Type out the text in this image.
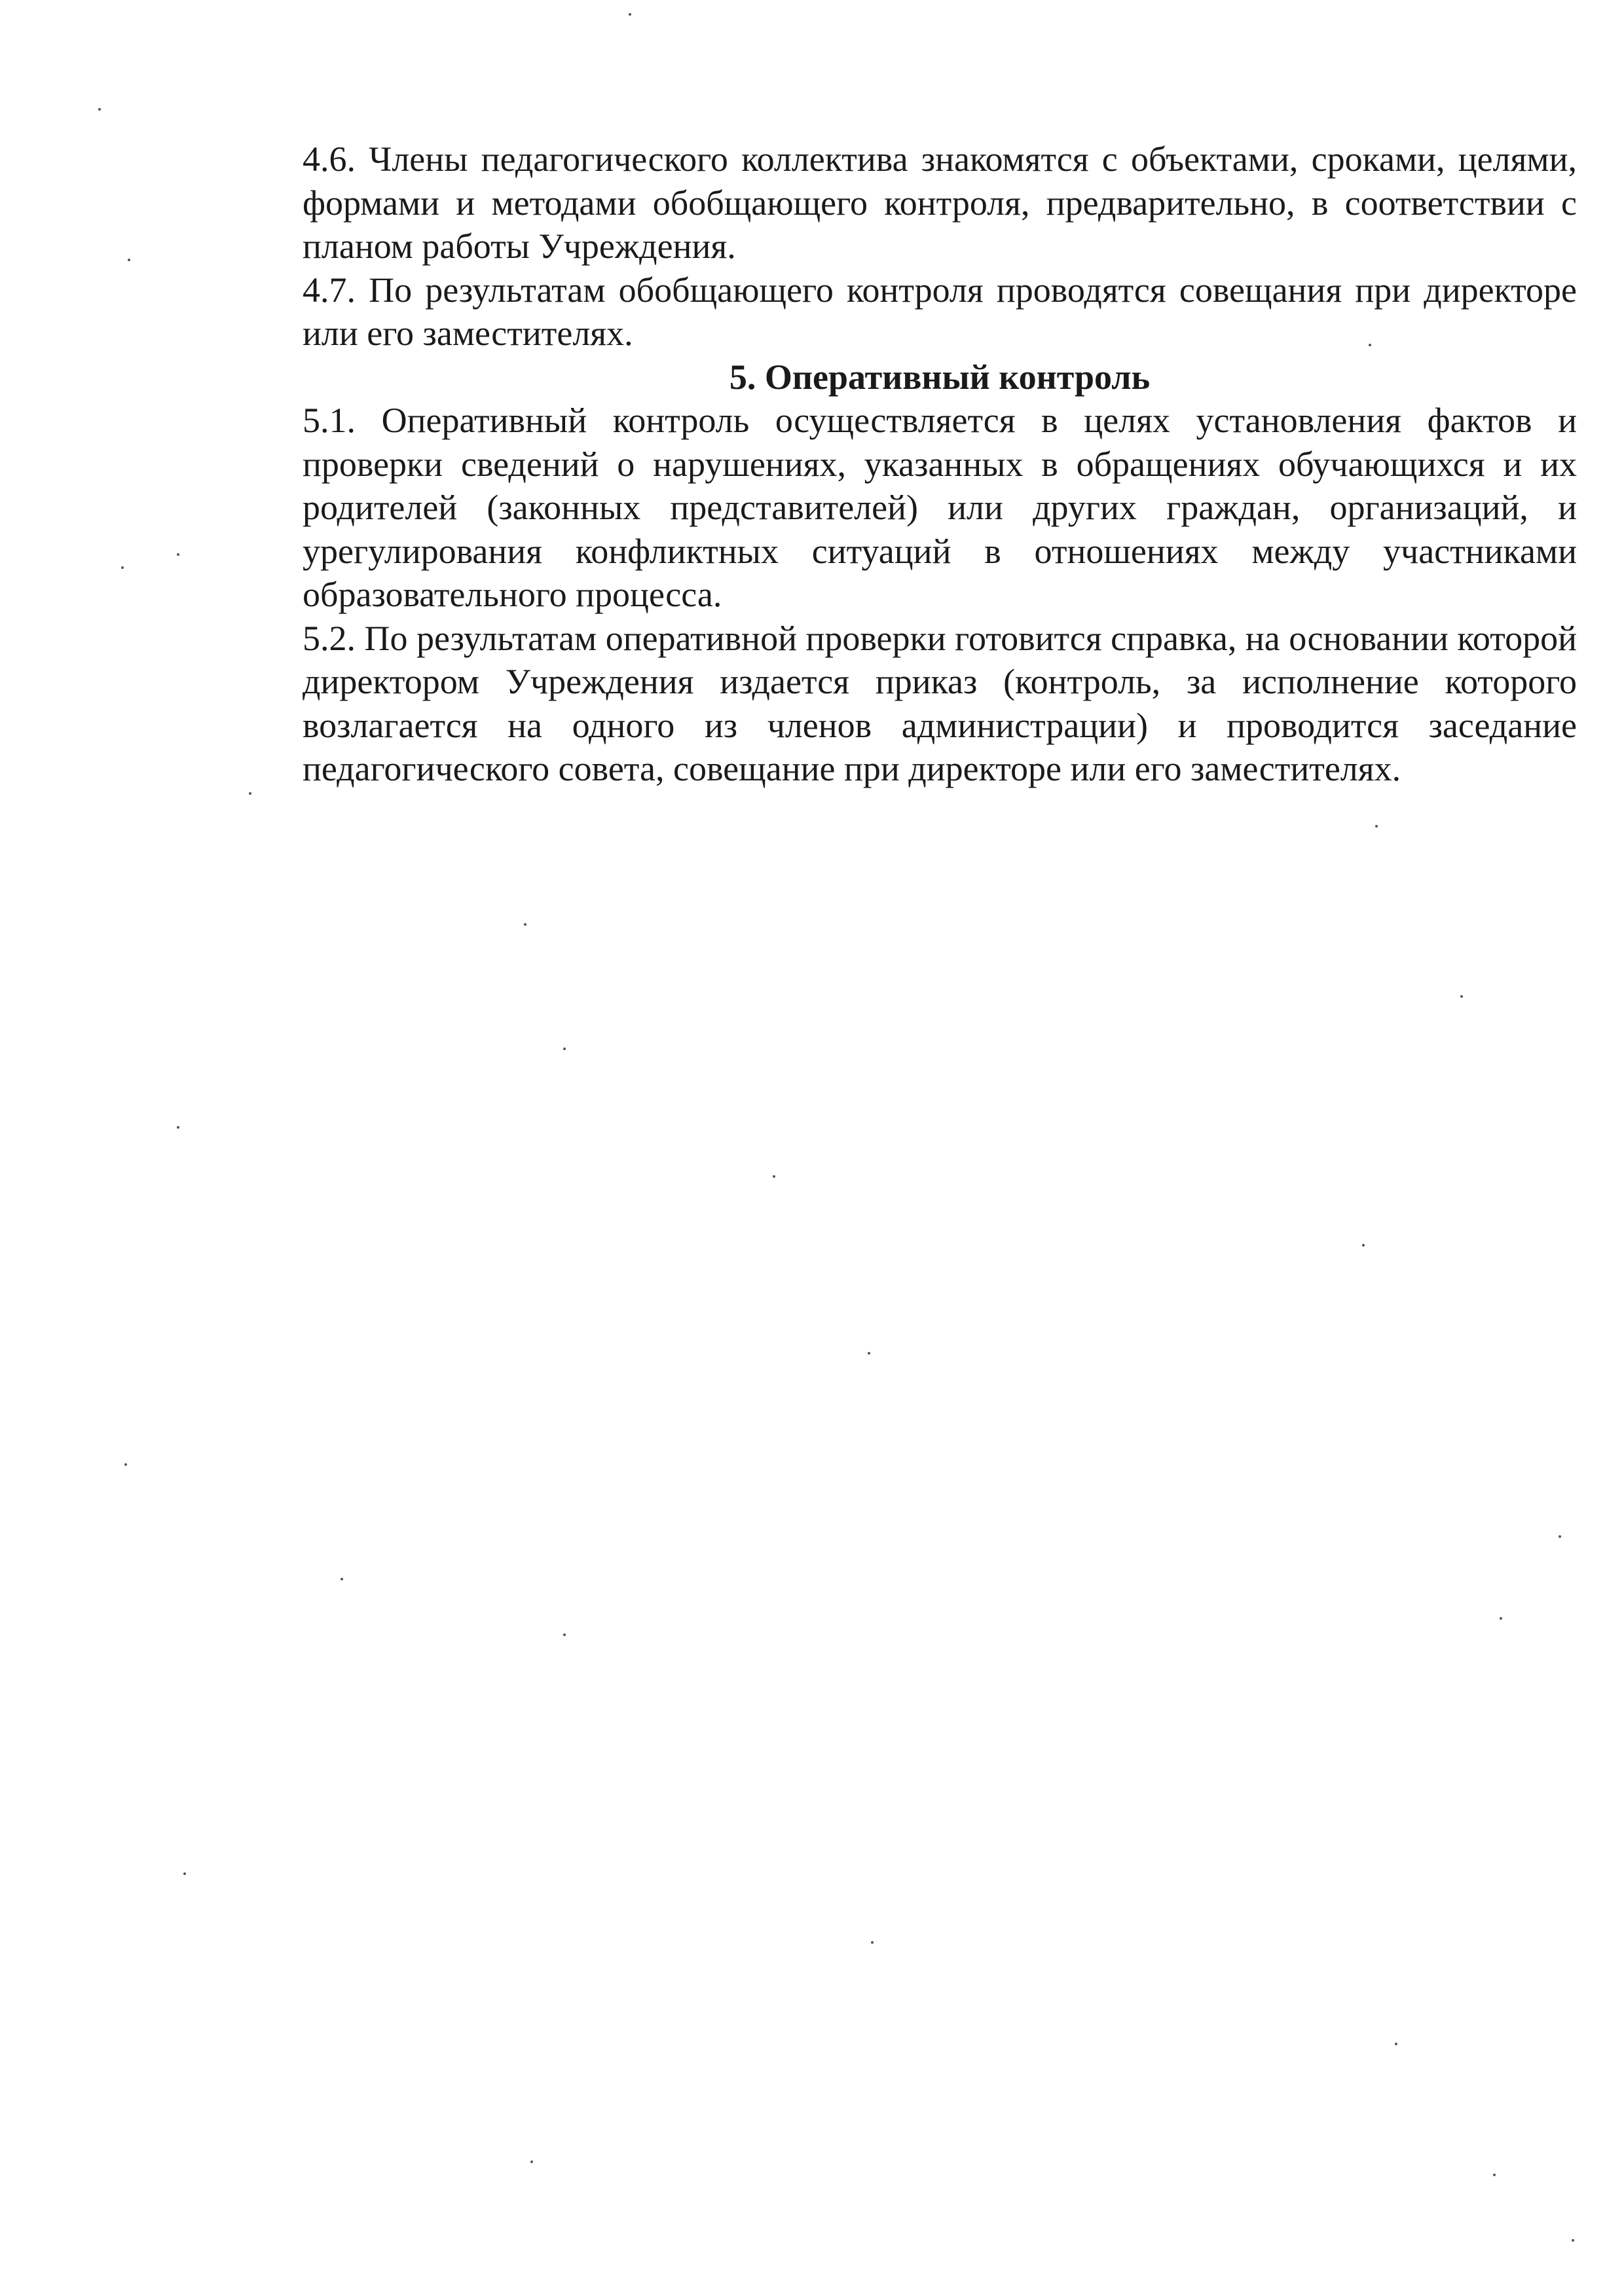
4.6. Члены педагогического коллектива знакомятся с объектами, сроками, целями, формами и методами обобщающего контроля, предварительно, в соответствии с планом работы Учреждения.

4.7. По результатам обобщающего контроля проводятся совещания при директоре или его заместителях.

5. Оперативный контроль

5.1. Оперативный контроль осуществляется в целях установления фактов и проверки сведений о нарушениях, указанных в обращениях обучающихся и их родителей (законных представителей) или других граждан, организаций, и урегулирования конфликтных ситуаций в отношениях между участниками образовательного процесса.

5.2. По результатам оперативной проверки готовится справка, на основании которой директором Учреждения издается приказ (контроль, за исполнение которого возлагается на одного из членов администрации) и проводится заседание педагогического совета, совещание при директоре или его заместителях.
